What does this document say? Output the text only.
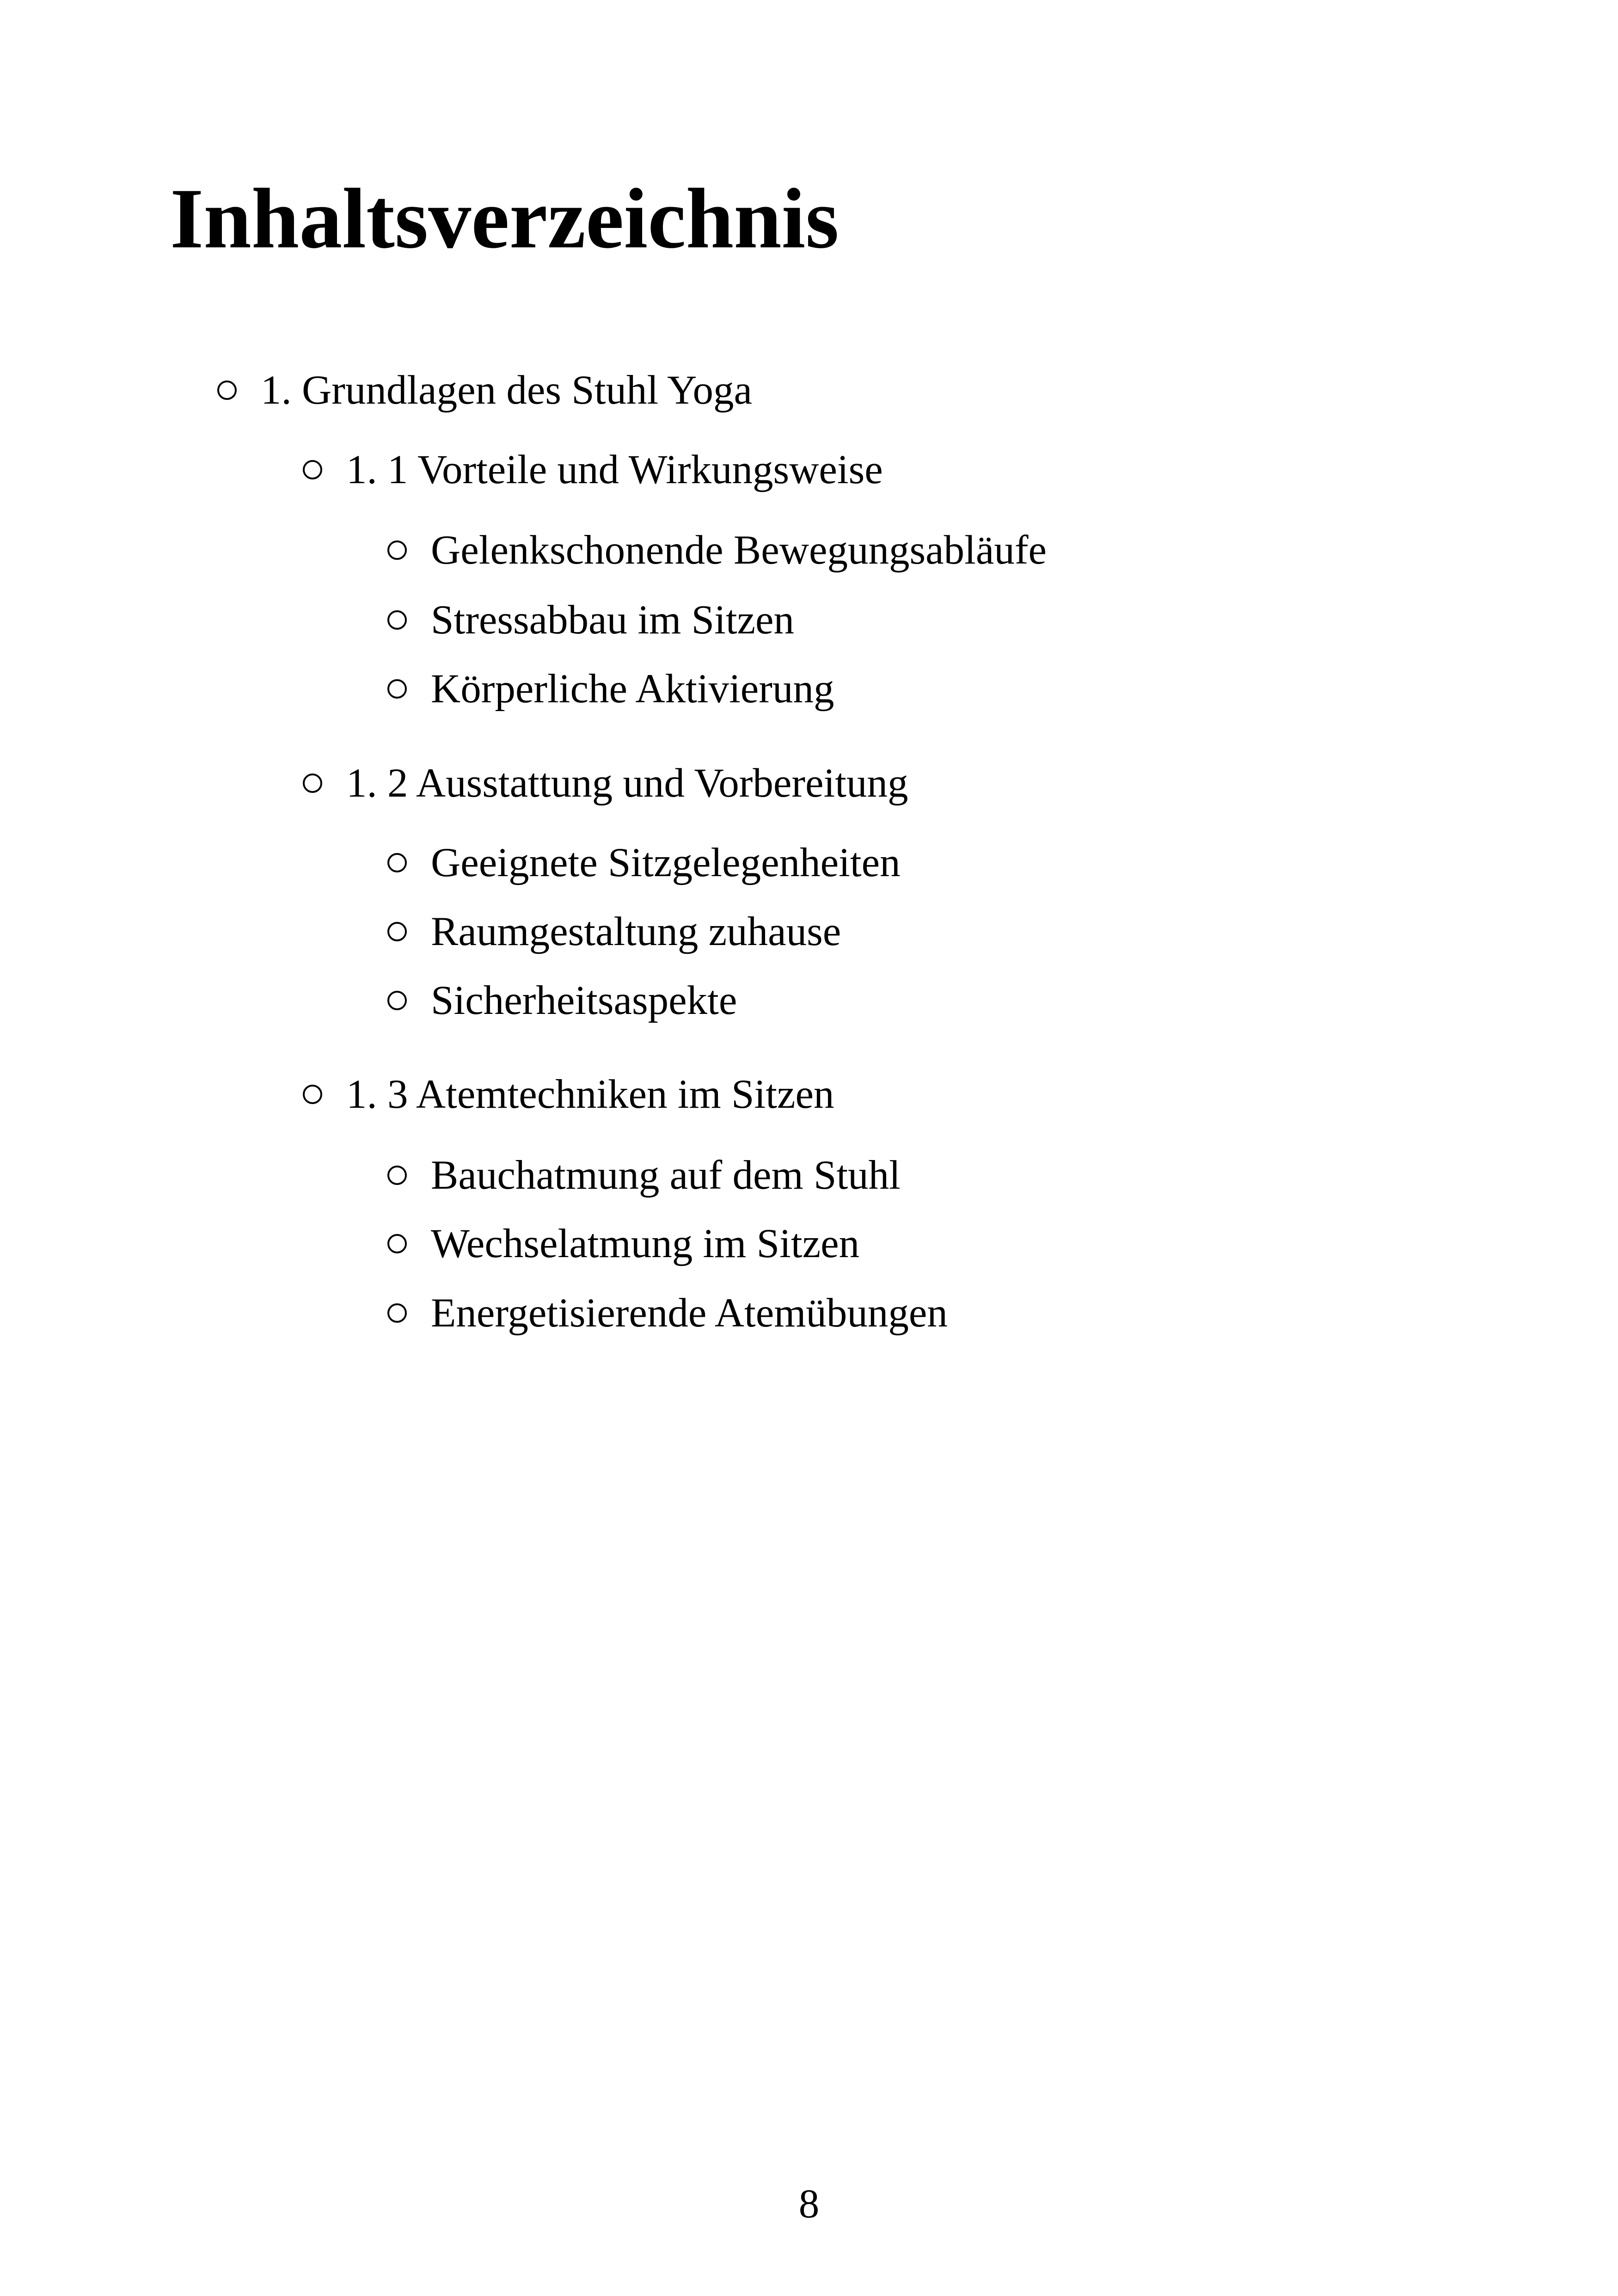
Inhaltsverzeichnis
1. Grundlagen des Stuhl Yoga
1. 1 Vorteile und Wirkungsweise
Gelenkschonende Bewegungsabläufe
Stressabbau im Sitzen
Körperliche Aktivierung
1. 2 Ausstattung und Vorbereitung
Geeignete Sitzgelegenheiten
Raumgestaltung zuhause
Sicherheitsaspekte
1. 3 Atemtechniken im Sitzen
Bauchatmung auf dem Stuhl
Wechselatmung im Sitzen
Energetisierende Atemübungen
8
